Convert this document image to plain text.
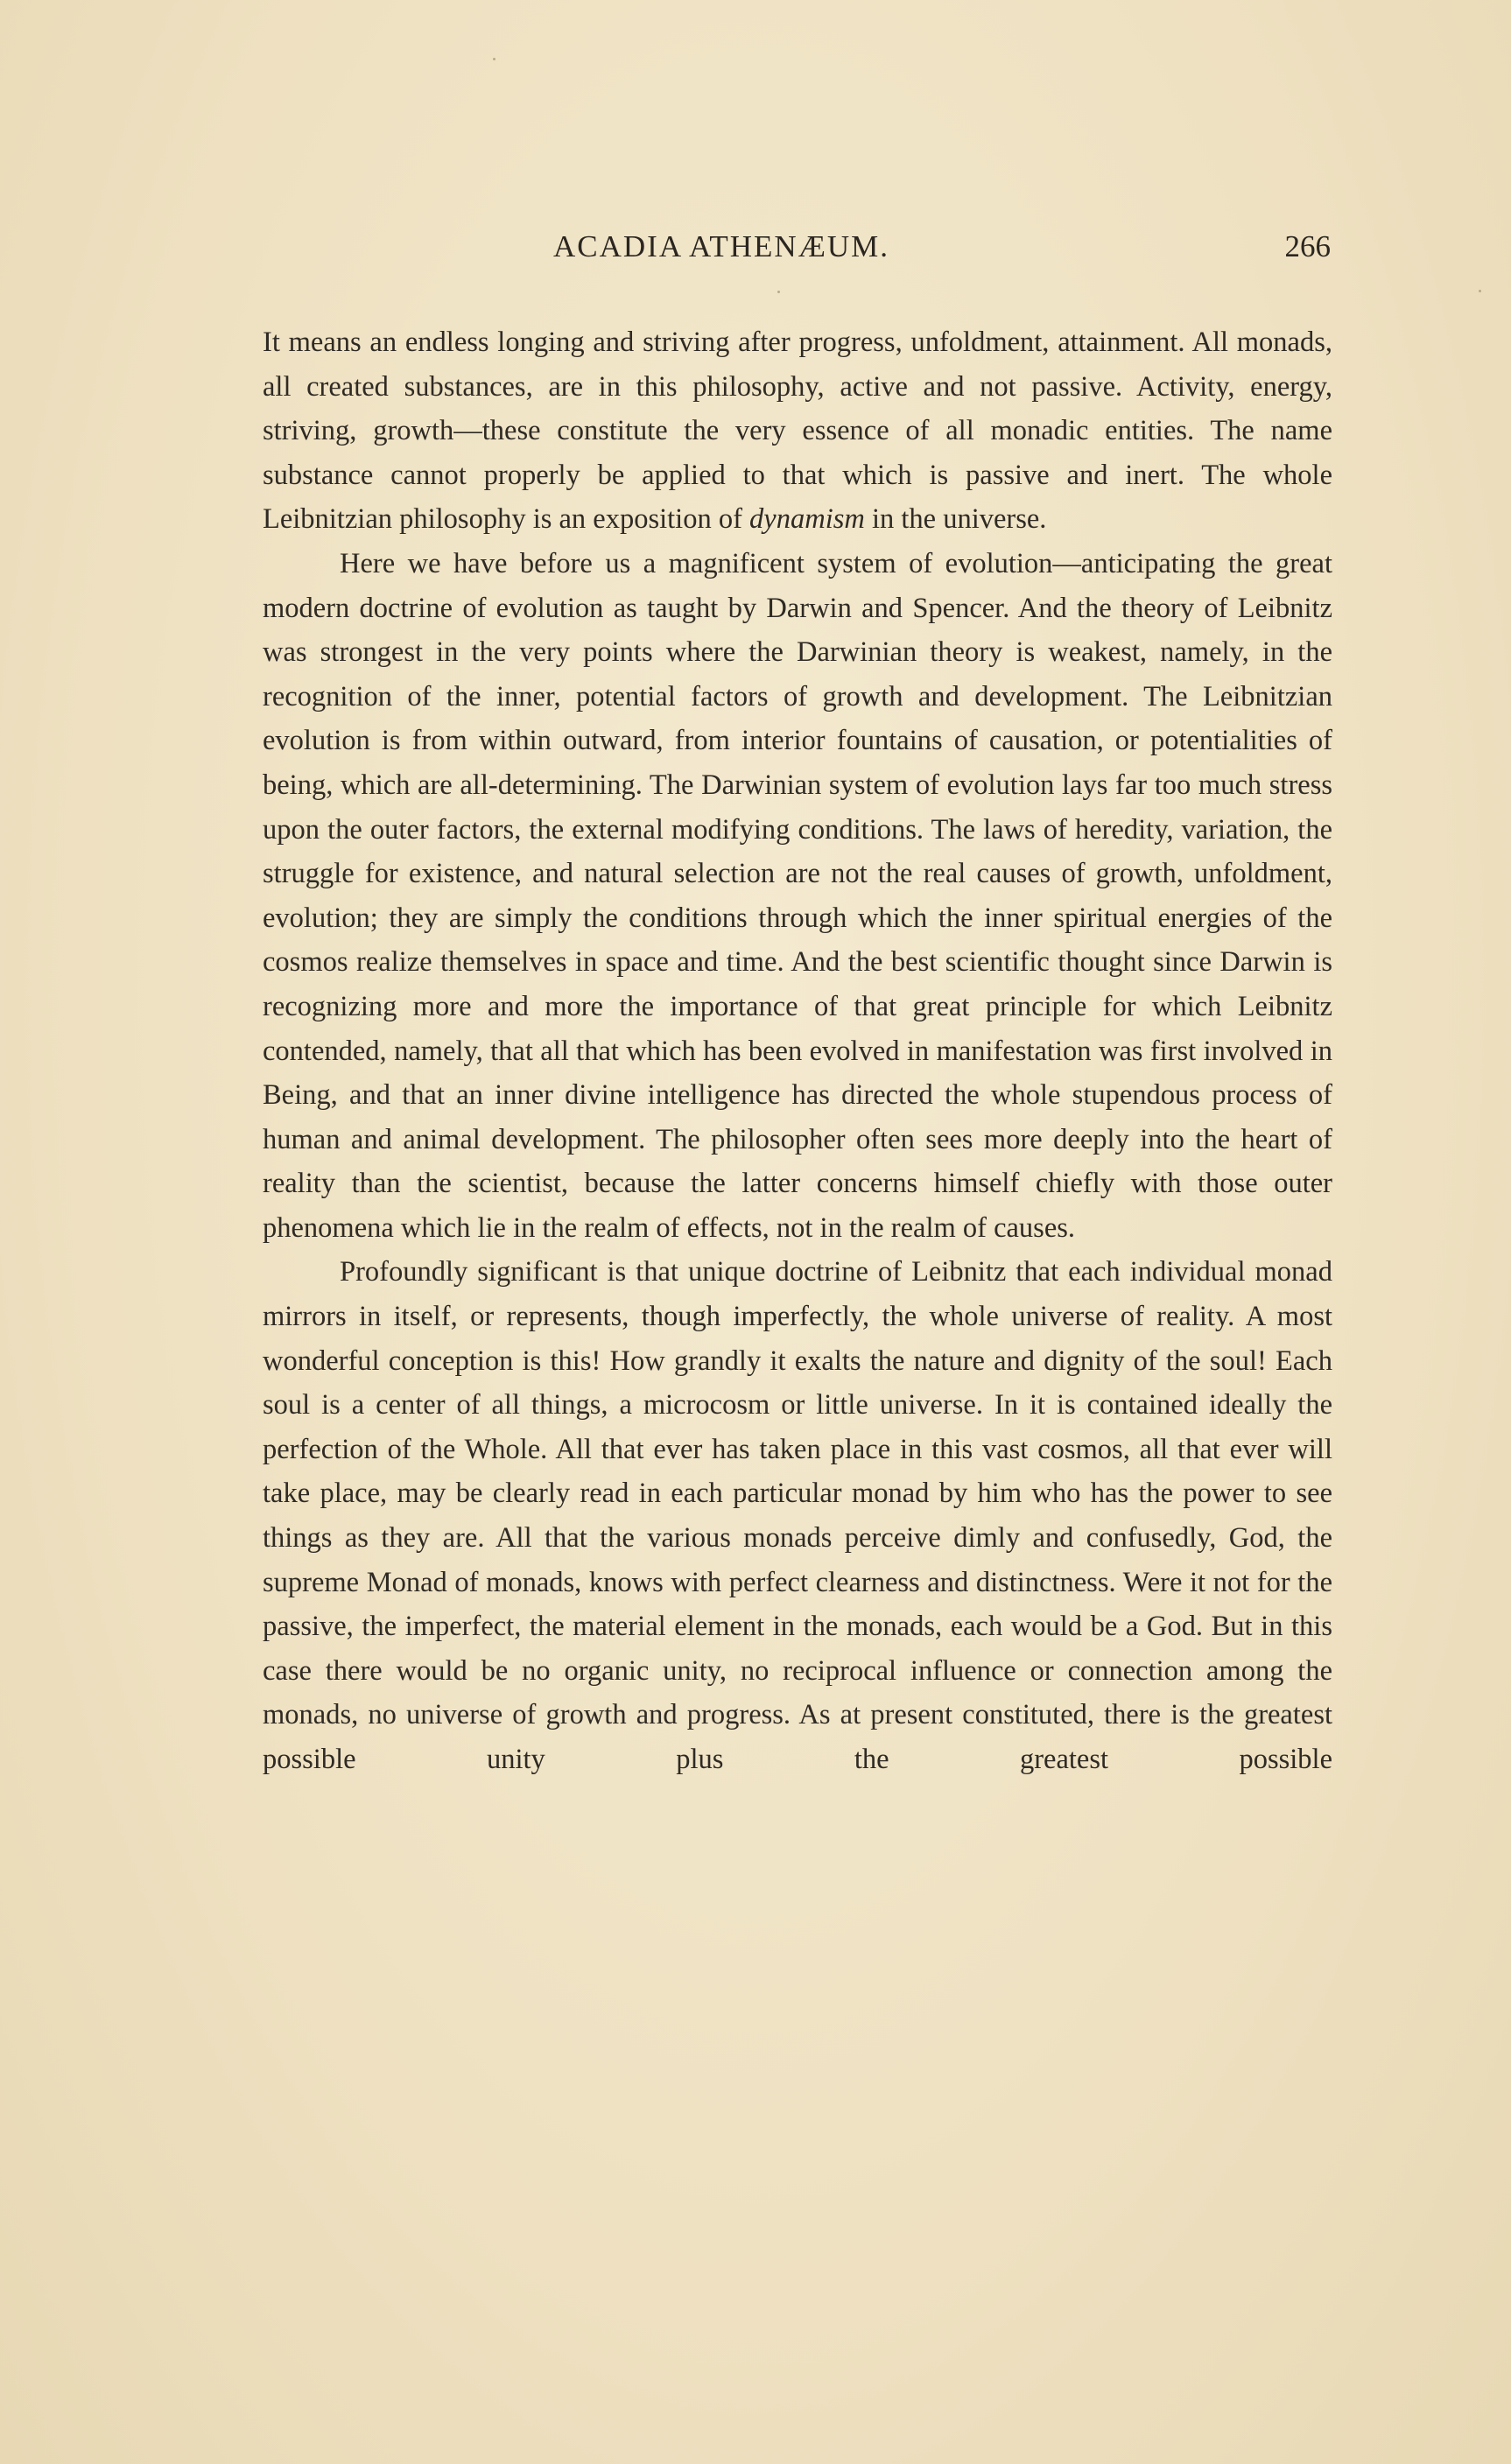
ACADIA ATHENÆUM.	266

It means an endless longing and striving after progress, unfoldment, attainment. All monads, all created substances, are in this philosophy, active and not passive. Activity, energy, striving, growth—these constitute the very essence of all monadic entities. The name substance cannot properly be applied to that which is passive and inert. The whole Leibnitzian philosophy is an exposition of dynamism in the universe.

Here we have before us a magnificent system of evolution—anticipating the great modern doctrine of evolution as taught by Darwin and Spencer. And the theory of Leibnitz was strongest in the very points where the Darwinian theory is weakest, namely, in the recognition of the inner, potential factors of growth and development. The Leibnitzian evolution is from within outward, from interior fountains of causation, or potentialities of being, which are all-determining. The Darwinian system of evolution lays far too much stress upon the outer factors, the external modifying conditions. The laws of heredity, variation, the struggle for existence, and natural selection are not the real causes of growth, unfoldment, evolution; they are simply the conditions through which the inner spiritual energies of the cosmos realize themselves in space and time. And the best scientific thought since Darwin is recognizing more and more the importance of that great principle for which Leibnitz contended, namely, that all that which has been evolved in manifestation was first involved in Being, and that an inner divine intelligence has directed the whole stupendous process of human and animal development. The philosopher often sees more deeply into the heart of reality than the scientist, because the latter concerns himself chiefly with those outer phenomena which lie in the realm of effects, not in the realm of causes.

Profoundly significant is that unique doctrine of Leibnitz that each individual monad mirrors in itself, or represents, though imperfectly, the whole universe of reality. A most wonderful conception is this! How grandly it exalts the nature and dignity of the soul! Each soul is a center of all things, a microcosm or little universe. In it is contained ideally the perfection of the Whole. All that ever has taken place in this vast cosmos, all that ever will take place, may be clearly read in each particular monad by him who has the power to see things as they are. All that the various monads perceive dimly and confusedly, God, the supreme Monad of monads, knows with perfect clearness and distinctness. Were it not for the passive, the imperfect, the material element in the monads, each would be a God. But in this case there would be no organic unity, no reciprocal influence or connection among the monads, no universe of growth and progress. As at present constituted, there is the greatest possible unity plus the greatest possible
